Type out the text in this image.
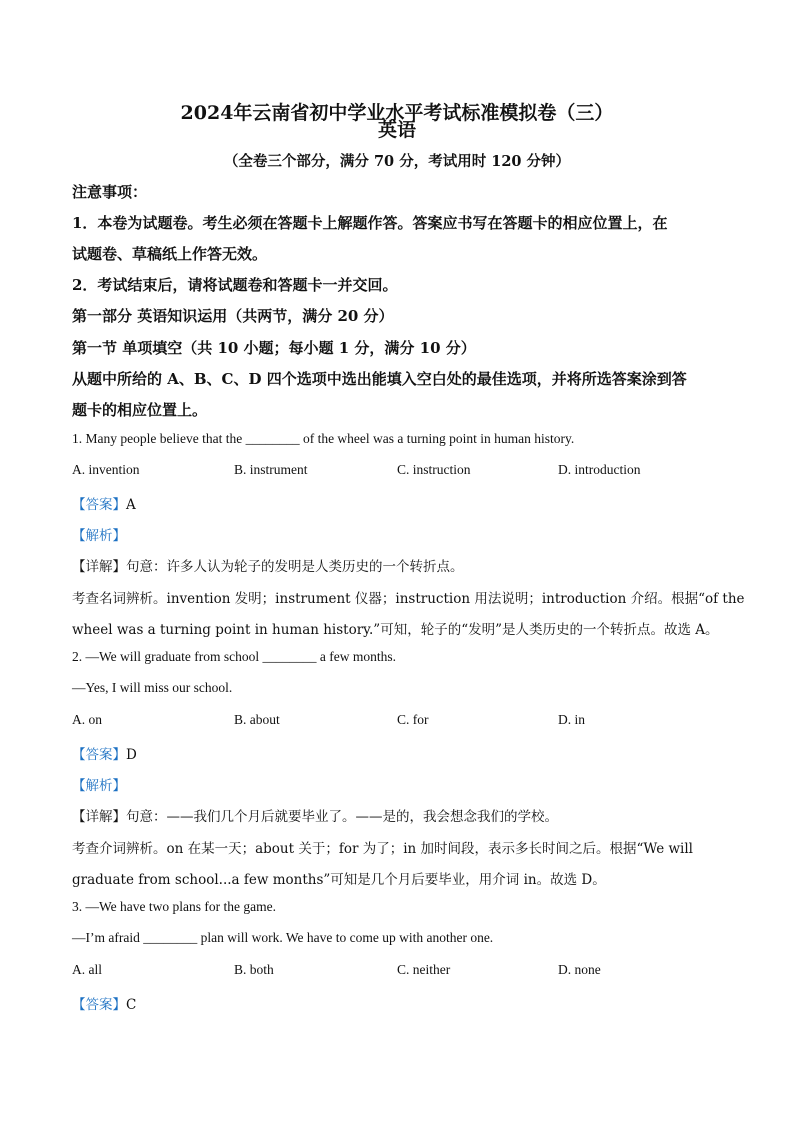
2024年云南省初中学业水平考试标准模拟卷（三）
英语
（全卷三个部分，满分 70 分，考试用时 120 分钟）
注意事项：
1．本卷为试题卷。考生必须在答题卡上解题作答。答案应书写在答题卡的相应位置上，在
试题卷、草稿纸上作答无效。
2．考试结束后，请将试题卷和答题卡一并交回。
第一部分 英语知识运用（共两节，满分 20 分）
第一节 单项填空（共 10 小题；每小题 1 分，满分 10 分）
从题中所给的 A、B、C、D 四个选项中选出能填入空白处的最佳选项，并将所选答案涂到答
题卡的相应位置上。
1. Many people believe that the ________ of the wheel was a turning point in human history.
A. invention	B. instrument	C. instruction	D. introduction
【答案】A
【解析】
【详解】句意：许多人认为轮子的发明是人类历史的一个转折点。
考查名词辨析。invention 发明；instrument 仪器；instruction 用法说明；introduction 介绍。根据“of the
wheel was a turning point in human history.”可知，轮子的“发明”是人类历史的一个转折点。故选 A。
2. —We will graduate from school ________ a few months.
—Yes, I will miss our school.
A. on	B. about	C. for	D. in
【答案】D
【解析】
【详解】句意：——我们几个月后就要毕业了。——是的，我会想念我们的学校。
考查介词辨析。on 在某一天；about 关于；for 为了；in 加时间段，表示多长时间之后。根据“We will
graduate from school...a few months”可知是几个月后要毕业，用介词 in。故选 D。
3. —We have two plans for the game.
—I’m afraid ________ plan will work. We have to come up with another one.
A. all	B. both	C. neither	D. none
【答案】C
